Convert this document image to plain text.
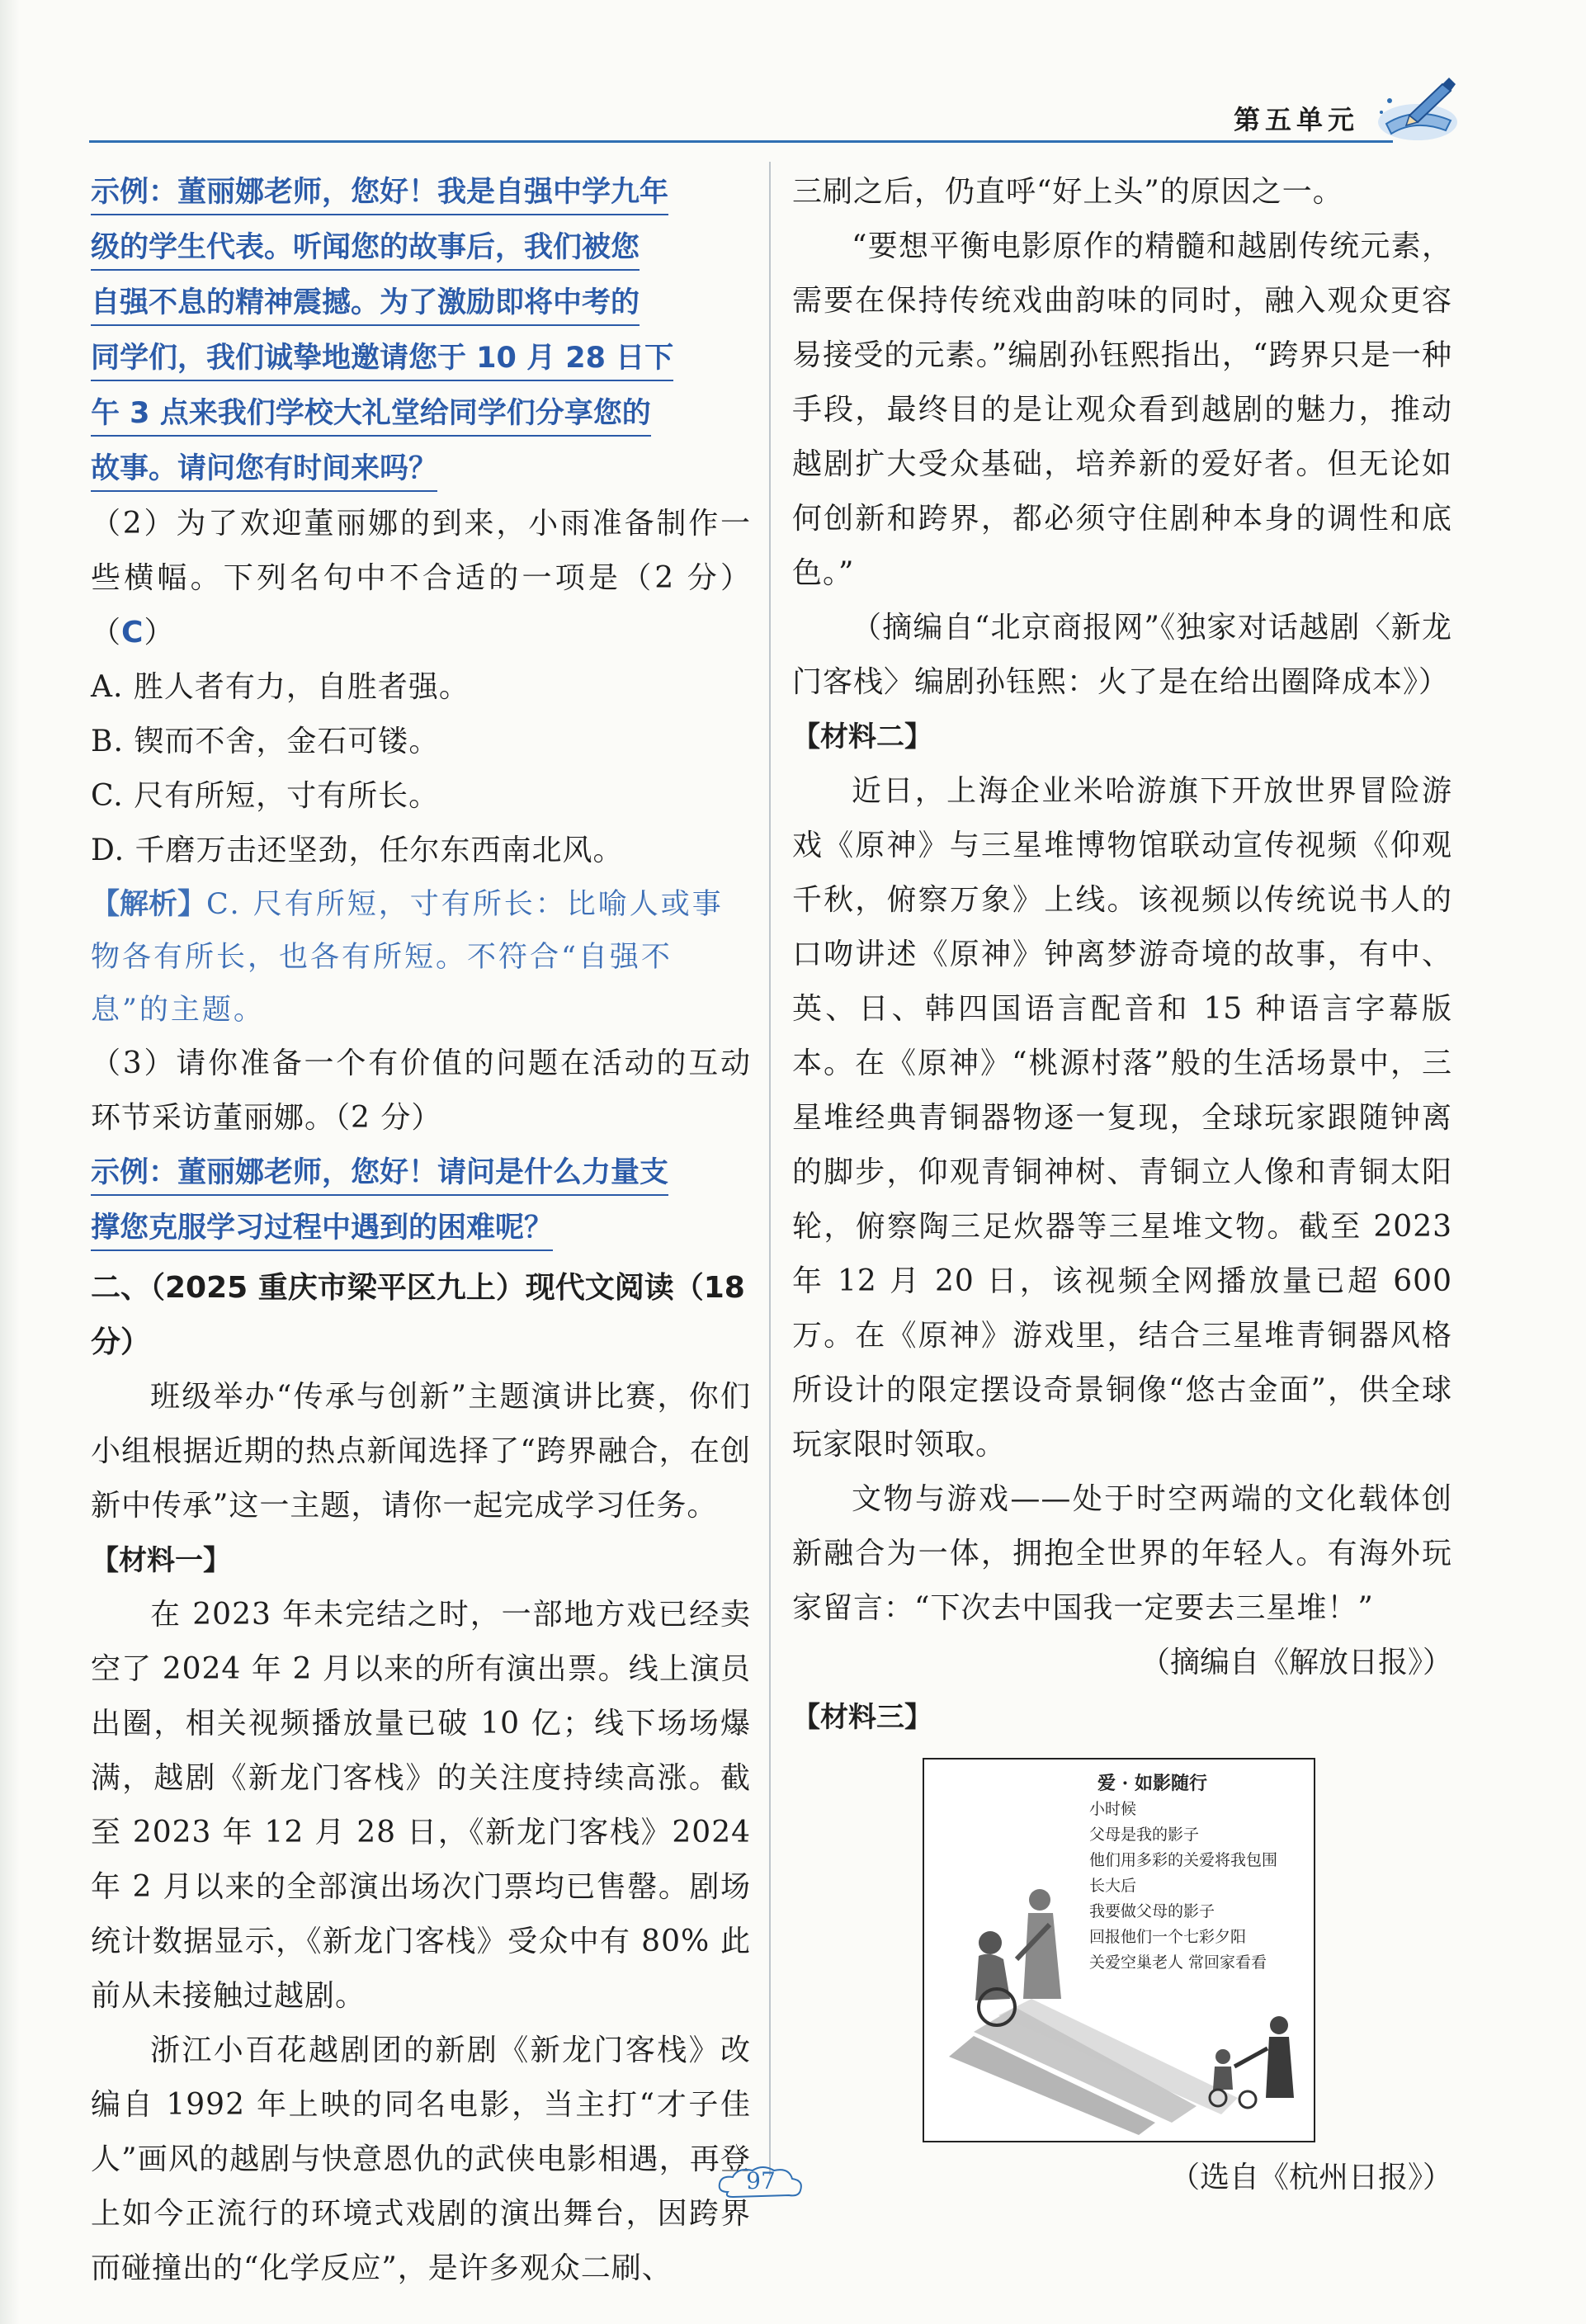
第五单元
示例：董丽娜老师，您好！我是自强中学九年
级的学生代表。听闻您的故事后，我们被您
自强不息的精神震撼。为了激励即将中考的
同学们，我们诚挚地邀请您于 10 月 28 日下
午 3 点来我们学校大礼堂给同学们分享您的
故事。请问您有时间来吗？

（2）为了欢迎董丽娜的到来，小雨准备制作一些横幅。下列名句中不合适的一项是（2 分）（C）

A. 胜人者有力，自胜者强。

B. 锲而不舍，金石可镂。

C. 尺有所短，寸有所长。

D. 千磨万击还坚劲，任尔东西南北风。

【解析】C. 尺有所短，寸有所长：比喻人或事物各有所长，也各有所短。不符合“自强不息”的主题。

（3）请你准备一个有价值的问题在活动的互动环节采访董丽娜。（2 分）

示例：董丽娜老师，您好！请问是什么力量支
撑您克服学习过程中遇到的困难呢？

二、（2025 重庆市梁平区九上）现代文阅读（18 分）

班级举办“传承与创新”主题演讲比赛，你们小组根据近期的热点新闻选择了“跨界融合，在创新中传承”这一主题，请你一起完成学习任务。

【材料一】

在 2023 年未完结之时，一部地方戏已经卖空了 2024 年 2 月以来的所有演出票。线上演员出圈，相关视频播放量已破 10 亿；线下场场爆满，越剧《新龙门客栈》的关注度持续高涨。截至 2023 年 12 月 28 日，《新龙门客栈》2024 年 2 月以来的全部演出场次门票均已售罄。剧场统计数据显示，《新龙门客栈》受众中有 80% 此前从未接触过越剧。

浙江小百花越剧团的新剧《新龙门客栈》改编自 1992 年上映的同名电影，当主打“才子佳人”画风的越剧与快意恩仇的武侠电影相遇，再登上如今正流行的环境式戏剧的演出舞台，因跨界而碰撞出的“化学反应”，是许多观众二刷、

三刷之后，仍直呼“好上头”的原因之一。

“要想平衡电影原作的精髓和越剧传统元素，需要在保持传统戏曲韵味的同时，融入观众更容易接受的元素。”编剧孙钰熙指出，“跨界只是一种手段，最终目的是让观众看到越剧的魅力，推动越剧扩大受众基础，培养新的爱好者。但无论如何创新和跨界，都必须守住剧种本身的调性和底色。”

（摘编自“北京商报网”《独家对话越剧〈新龙门客栈〉编剧孙钰熙：火了是在给出圈降成本》）

【材料二】

近日，上海企业米哈游旗下开放世界冒险游戏《原神》与三星堆博物馆联动宣传视频《仰观千秋，俯察万象》上线。该视频以传统说书人的口吻讲述《原神》钟离梦游奇境的故事，有中、英、日、韩四国语言配音和 15 种语言字幕版本。在《原神》“桃源村落”般的生活场景中，三星堆经典青铜器物逐一复现，全球玩家跟随钟离的脚步，仰观青铜神树、青铜立人像和青铜太阳轮，俯察陶三足炊器等三星堆文物。截至 2023 年 12 月 20 日，该视频全网播放量已超 600 万。在《原神》游戏里，结合三星堆青铜器风格所设计的限定摆设奇景铜像“悠古金面”，供全球玩家限时领取。

文物与游戏——处于时空两端的文化载体创新融合为一体，拥抱全世界的年轻人。有海外玩家留言：“下次去中国我一定要去三星堆！”

（摘编自《解放日报》）

【材料三】

爱 · 如影随行
小时候
父母是我的影子
他们用多彩的关爱将我包围
长大后
我要做父母的影子
回报他们一个七彩夕阳
关爱空巢老人 常回家看看

（选自《杭州日报》）

97
